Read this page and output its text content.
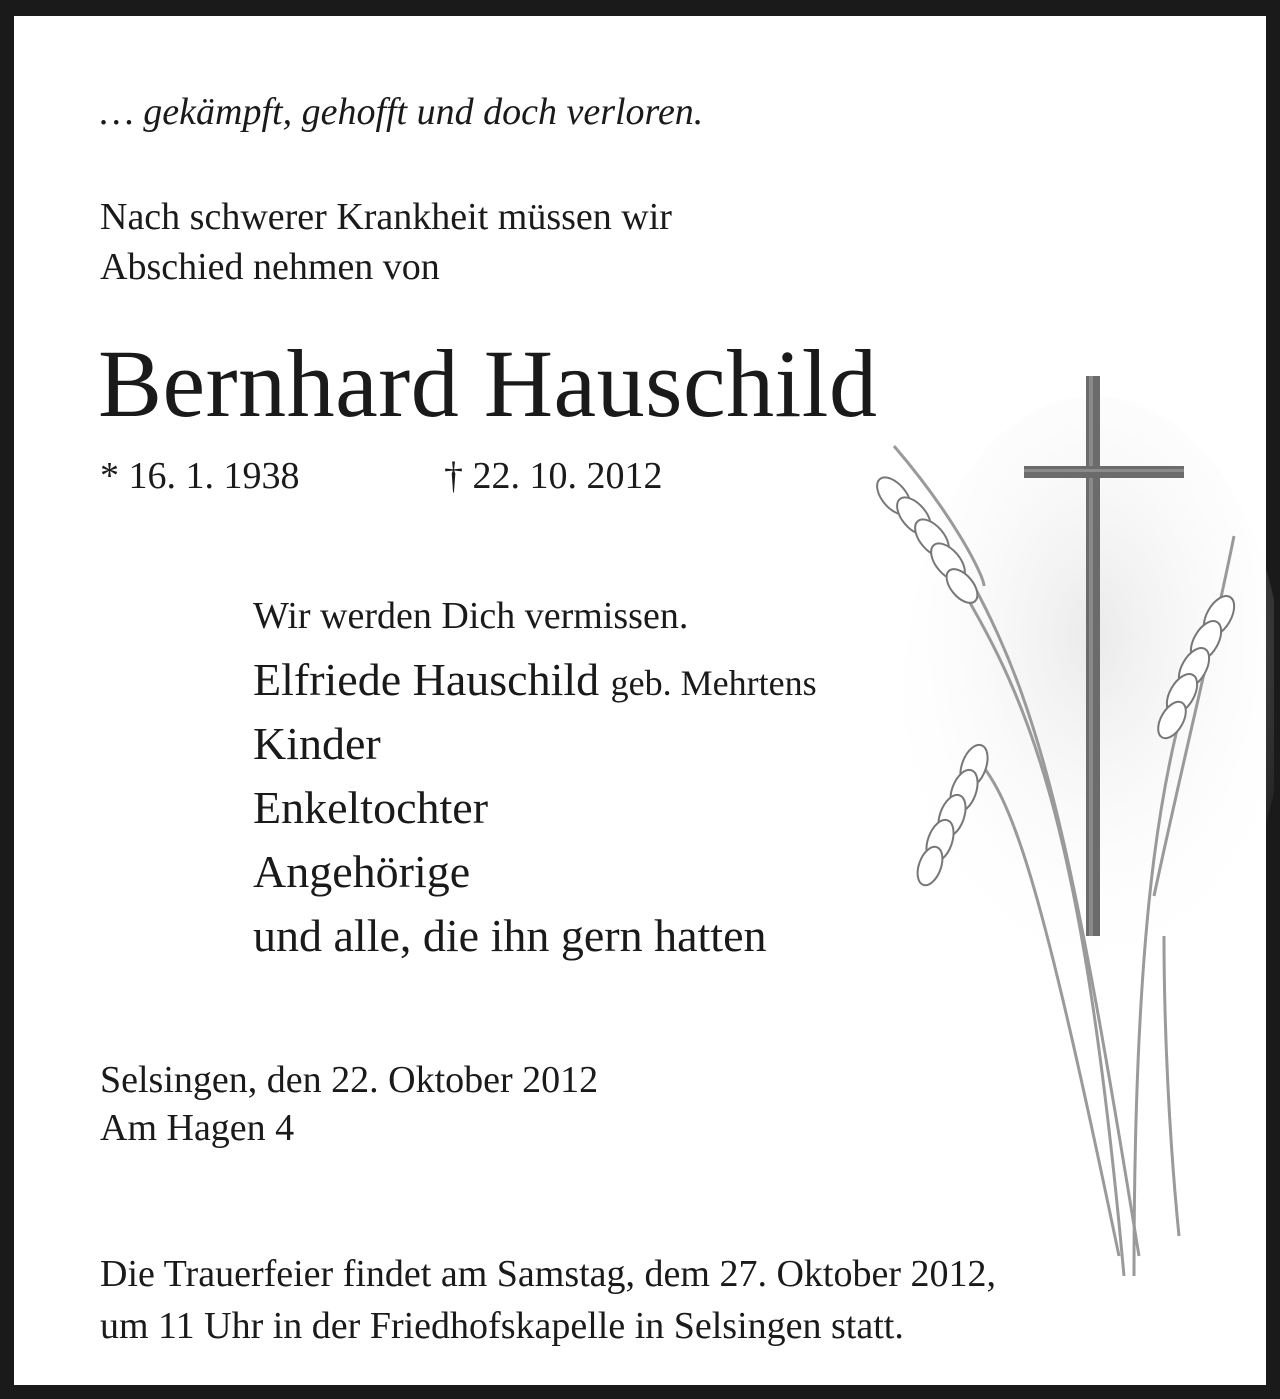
… gekämpft, gehofft und doch verloren.

Nach schwerer Krankheit müssen wir
Abschied nehmen von

Bernhard Hauschild

* 16. 1. 1938	† 22. 10. 2012

Wir werden Dich vermissen.

Elfriede Hauschild geb. Mehrtens

Kinder

Enkeltochter

Angehörige

und alle, die ihn gern hatten

Selsingen, den 22. Oktober 2012
Am Hagen 4

Die Trauerfeier findet am Samstag, dem 27. Oktober 2012,
um 11 Uhr in der Friedhofskapelle in Selsingen statt.
